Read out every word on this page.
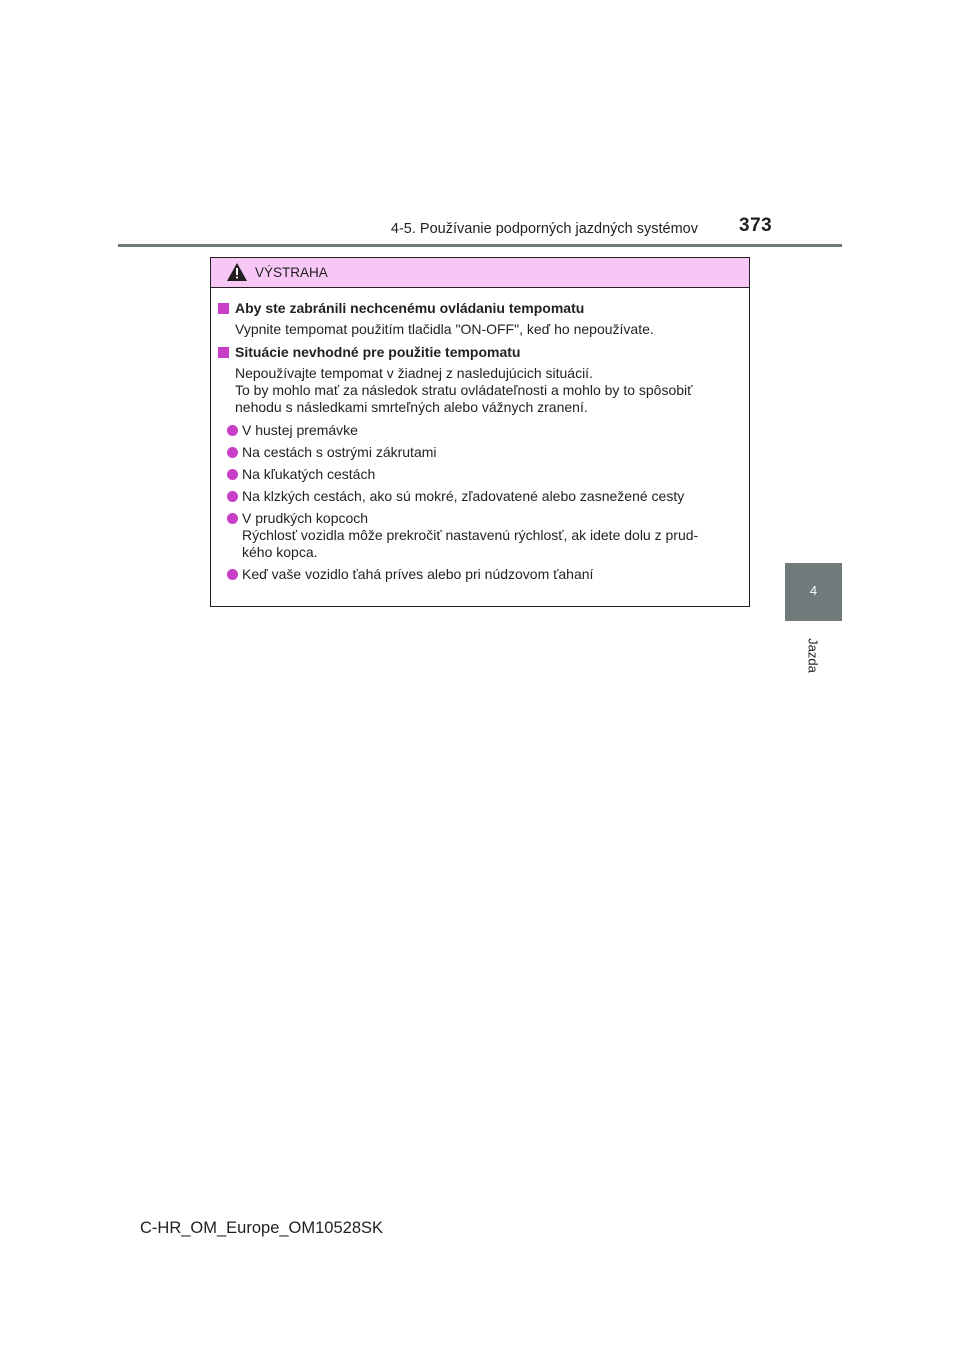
4-5. Používanie podporných jazdných systémov 373
4
Jazda
VÝSTRAHA
Aby ste zabránili nechcenému ovládaniu tempomatu
Vypnite tempomat použitím tlačidla "ON-OFF", keď ho nepoužívate.
Situácie nevhodné pre použitie tempomatu
Nepoužívajte tempomat v žiadnej z nasledujúcich situácií.
To by mohlo mať za následok stratu ovládateľnosti a mohlo by to spôsobiť
nehodu s následkami smrteľných alebo vážnych zranení.
V hustej premávke
Na cestách s ostrými zákrutami
Na kľukatých cestách
Na klzkých cestách, ako sú mokré, zľadovatené alebo zasnežené cesty
V prudkých kopcoch
Rýchlosť vozidla môže prekročiť nastavenú rýchlosť, ak idete dolu z prud-
kého kopca.
Keď vaše vozidlo ťahá príves alebo pri núdzovom ťahaní
C-HR_OM_Europe_OM10528SK
